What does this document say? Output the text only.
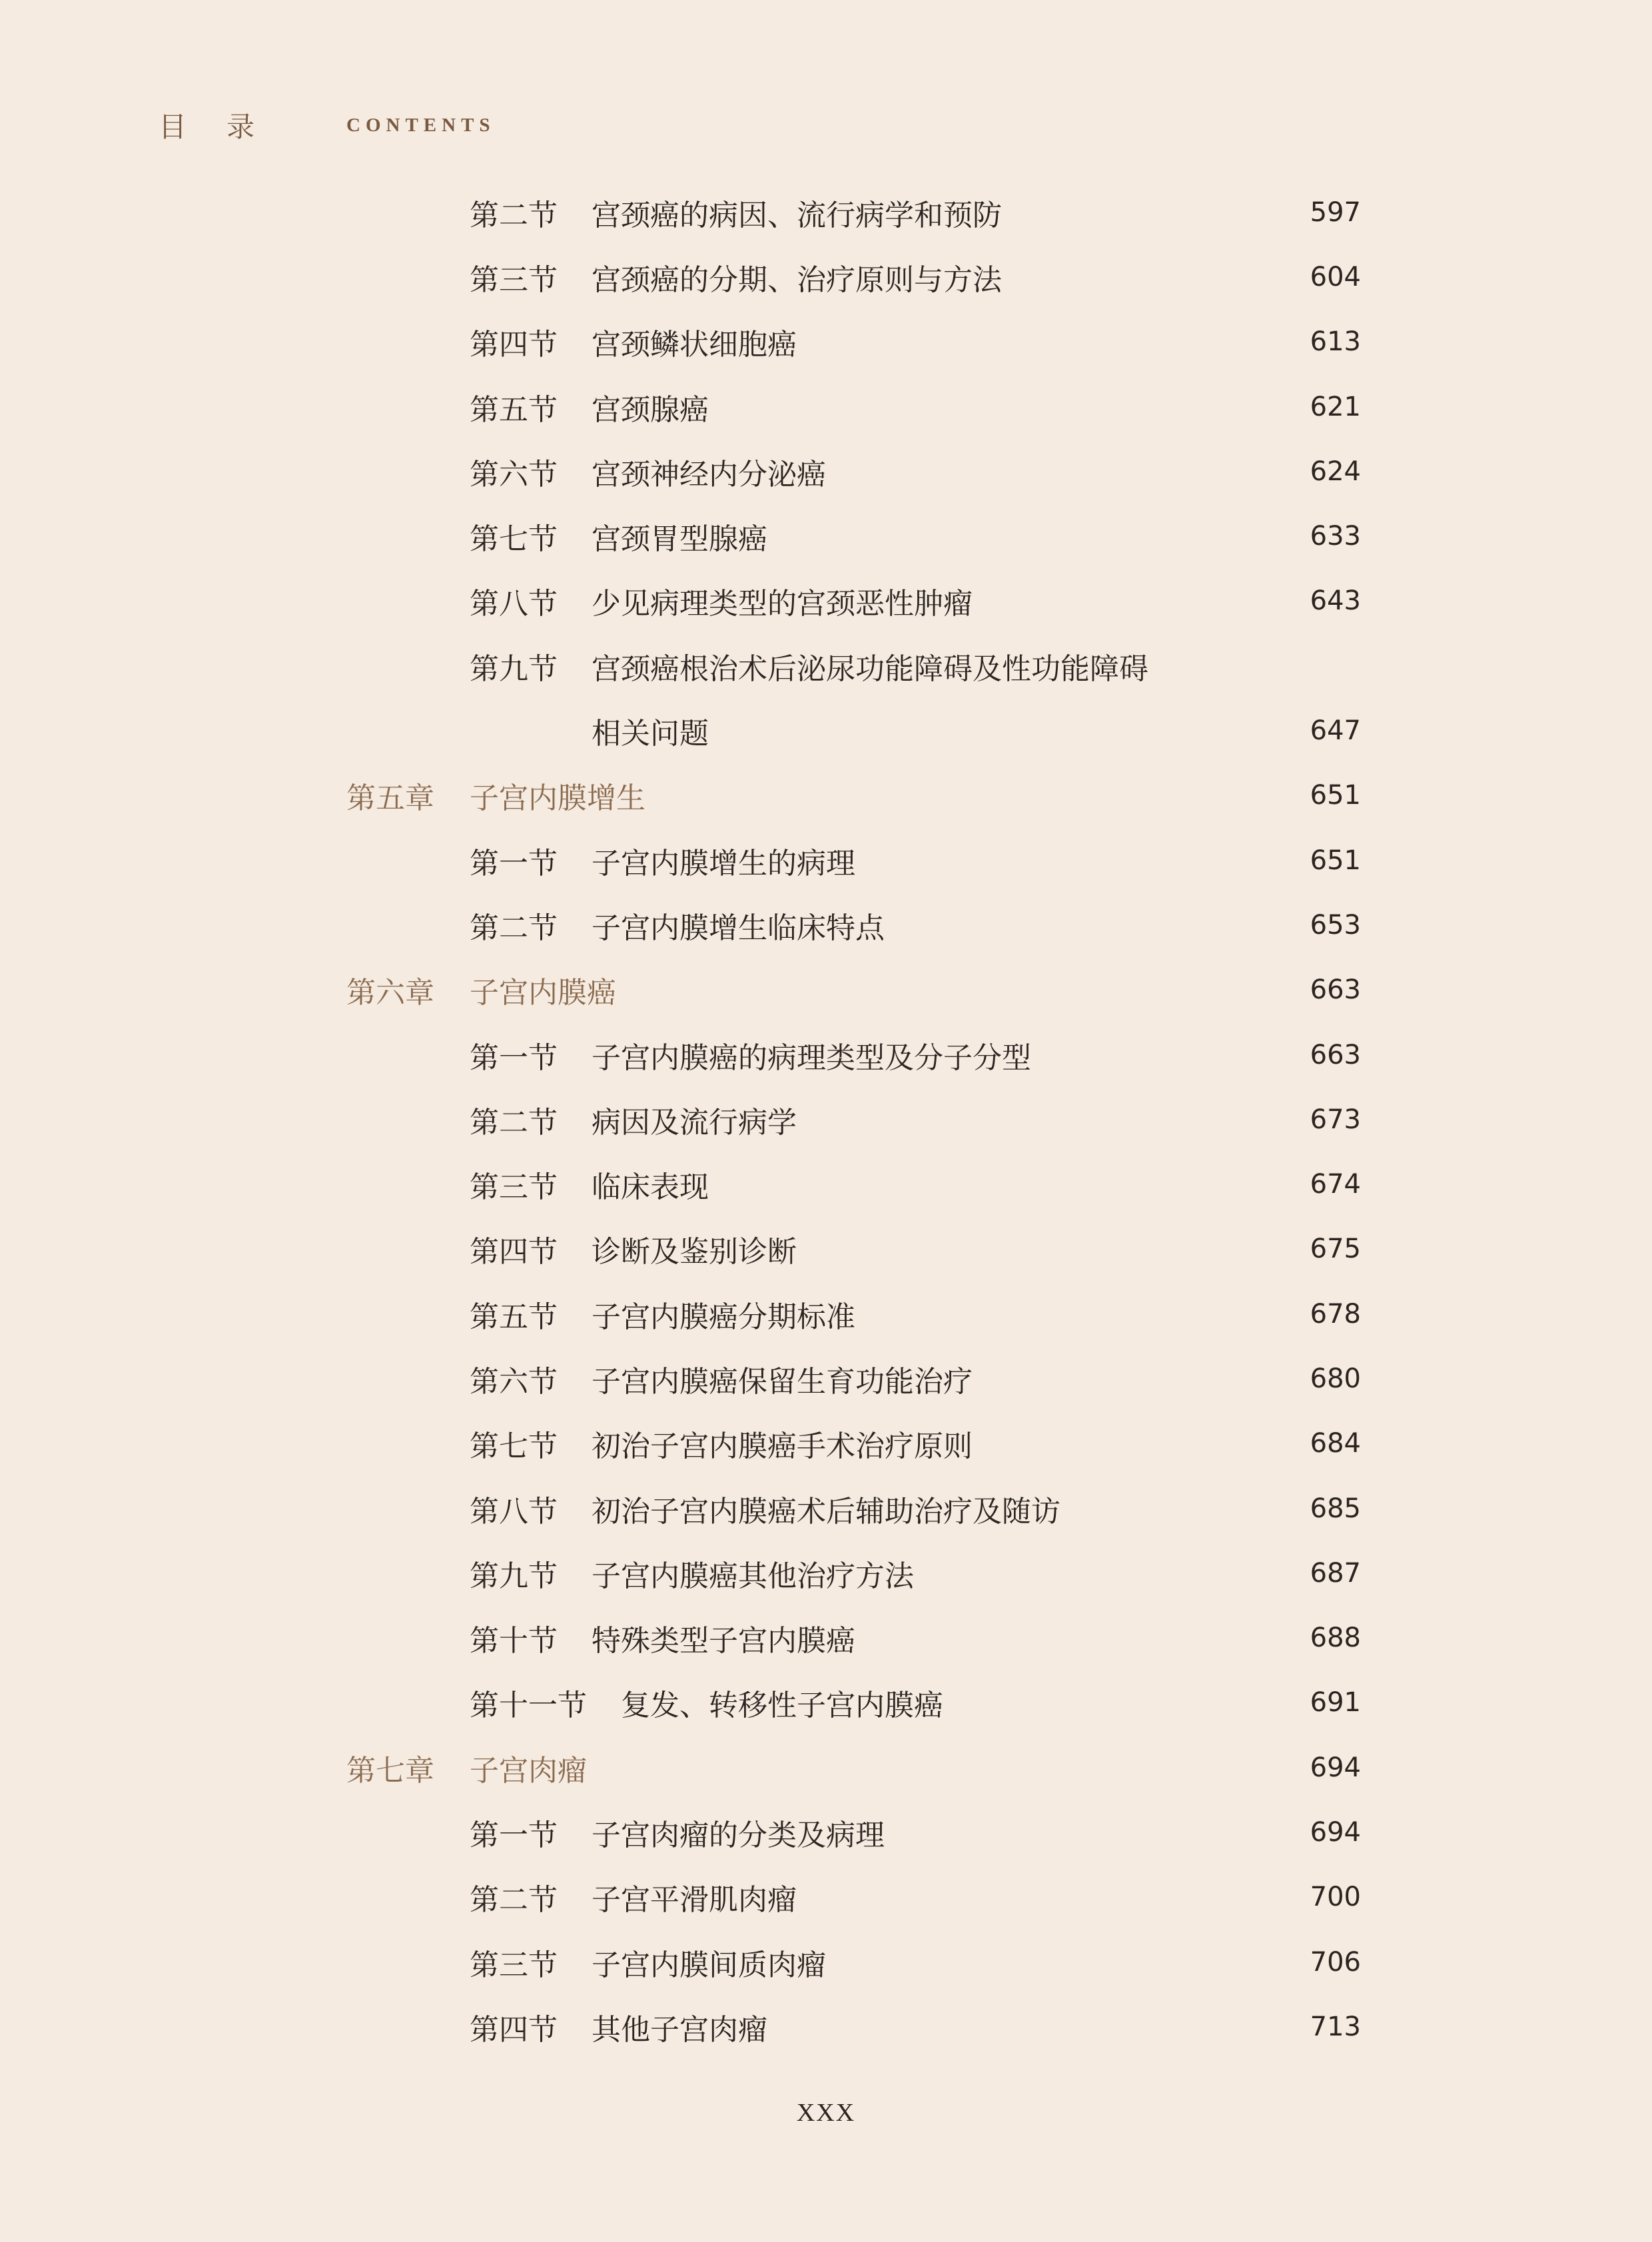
目录	CONTENTS
第二节 宫颈癌的病因、流行病学和预防	597
第三节 宫颈癌的分期、治疗原则与方法	604
第四节 宫颈鳞状细胞癌	613
第五节 宫颈腺癌	621
第六节 宫颈神经内分泌癌	624
第七节 宫颈胃型腺癌	633
第八节 少见病理类型的宫颈恶性肿瘤	643
第九节 宫颈癌根治术后泌尿功能障碍及性功能障碍
相关问题	647
第五章 子宫内膜增生	651
第一节 子宫内膜增生的病理	651
第二节 子宫内膜增生临床特点	653
第六章 子宫内膜癌	663
第一节 子宫内膜癌的病理类型及分子分型	663
第二节 病因及流行病学	673
第三节 临床表现	674
第四节 诊断及鉴别诊断	675
第五节 子宫内膜癌分期标准	678
第六节 子宫内膜癌保留生育功能治疗	680
第七节 初治子宫内膜癌手术治疗原则	684
第八节 初治子宫内膜癌术后辅助治疗及随访	685
第九节 子宫内膜癌其他治疗方法	687
第十节 特殊类型子宫内膜癌	688
第十一节 复发、转移性子宫内膜癌	691
第七章 子宫肉瘤	694
第一节 子宫肉瘤的分类及病理	694
第二节 子宫平滑肌肉瘤	700
第三节 子宫内膜间质肉瘤	706
第四节 其他子宫肉瘤	713
XXX
